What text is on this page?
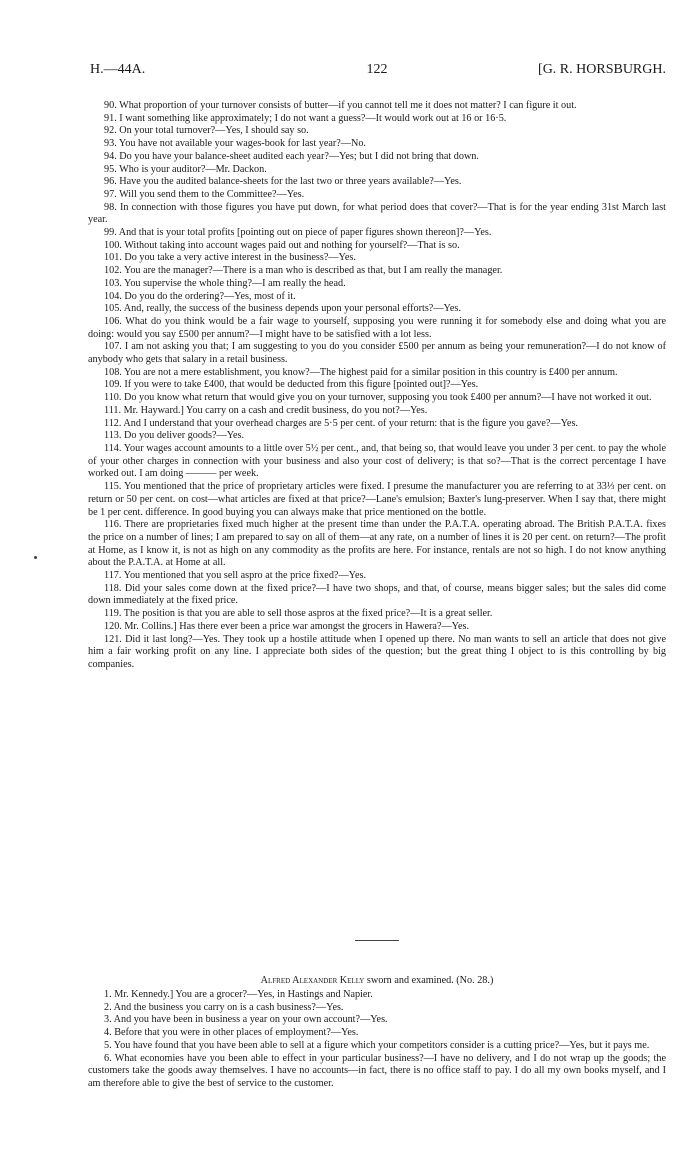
H.—44A.	122	[G. R. HORSBURGH.

90. What proportion of your turnover consists of butter—if you cannot tell me it does not matter? I can figure it out.

91. I want something like approximately; I do not want a guess?—It would work out at 16 or 16·5.

92. On your total turnover?—Yes, I should say so.

93. You have not available your wages-book for last year?—No.

94. Do you have your balance-sheet audited each year?—Yes; but I did not bring that down.

95. Who is your auditor?—Mr. Dackon.

96. Have you the audited balance-sheets for the last two or three years available?—Yes.

97. Will you send them to the Committee?—Yes.

98. In connection with those figures you have put down, for what period does that cover?—That is for the year ending 31st March last year.

99. And that is your total profits [pointing out on piece of paper figures shown thereon]?—Yes.

100. Without taking into account wages paid out and nothing for yourself?—That is so.

101. Do you take a very active interest in the business?—Yes.

102. You are the manager?—There is a man who is described as that, but I am really the manager.

103. You supervise the whole thing?—I am really the head.

104. Do you do the ordering?—Yes, most of it.

105. And, really, the success of the business depends upon your personal efforts?—Yes.

106. What do you think would be a fair wage to yourself, supposing you were running it for somebody else and doing what you are doing: would you say £500 per annum?—I might have to be satisfied with a lot less.

107. I am not asking you that; I am suggesting to you do you consider £500 per annum as being your remuneration?—I do not know of anybody who gets that salary in a retail business.

108. You are not a mere establishment, you know?—The highest paid for a similar position in this country is £400 per annum.

109. If you were to take £400, that would be deducted from this figure [pointed out]?—Yes.

110. Do you know what return that would give you on your turnover, supposing you took £400 per annum?—I have not worked it out.

111. Mr. Hayward.] You carry on a cash and credit business, do you not?—Yes.

112. And I understand that your overhead charges are 5·5 per cent. of your return: that is the figure you gave?—Yes.

113. Do you deliver goods?—Yes.

114. Your wages account amounts to a little over 5½ per cent., and, that being so, that would leave you under 3 per cent. to pay the whole of your other charges in connection with your business and also your cost of delivery; is that so?—That is the correct percentage I have worked out. I am doing ——— per week.

115. You mentioned that the price of proprietary articles were fixed. I presume the manufacturer you are referring to at 33⅓ per cent. on return or 50 per cent. on cost—what articles are fixed at that price?—Lane's emulsion; Baxter's lung-preserver. When I say that, there might be 1 per cent. difference. In good buying you can always make that price mentioned on the bottle.

116. There are proprietaries fixed much higher at the present time than under the P.A.T.A. operating abroad. The British P.A.T.A. fixes the price on a number of lines; I am prepared to say on all of them—at any rate, on a number of lines it is 20 per cent. on return?—The profit at Home, as I know it, is not as high on any commodity as the profits are here. For instance, rentals are not so high. I do not know anything about the P.A.T.A. at Home at all.

117. You mentioned that you sell aspro at the price fixed?—Yes.

118. Did your sales come down at the fixed price?—I have two shops, and that, of course, means bigger sales; but the sales did come down immediately at the fixed price.

119. The position is that you are able to sell those aspros at the fixed price?—It is a great seller.

120. Mr. Collins.] Has there ever been a price war amongst the grocers in Hawera?—Yes.

121. Did it last long?—Yes. They took up a hostile attitude when I opened up there. No man wants to sell an article that does not give him a fair working profit on any line. I appreciate both sides of the question; but the great thing I object to is this controlling by big companies.

Alfred Alexander Kelly sworn and examined. (No. 28.)

1. Mr. Kennedy.] You are a grocer?—Yes, in Hastings and Napier.

2. And the business you carry on is a cash business?—Yes.

3. And you have been in business a year on your own account?—Yes.

4. Before that you were in other places of employment?—Yes.

5. You have found that you have been able to sell at a figure which your competitors consider is a cutting price?—Yes, but it pays me.

6. What economies have you been able to effect in your particular business?—I have no delivery, and I do not wrap up the goods; the customers take the goods away themselves. I have no accounts—in fact, there is no office staff to pay. I do all my own books myself, and I am therefore able to give the best of service to the customer.
